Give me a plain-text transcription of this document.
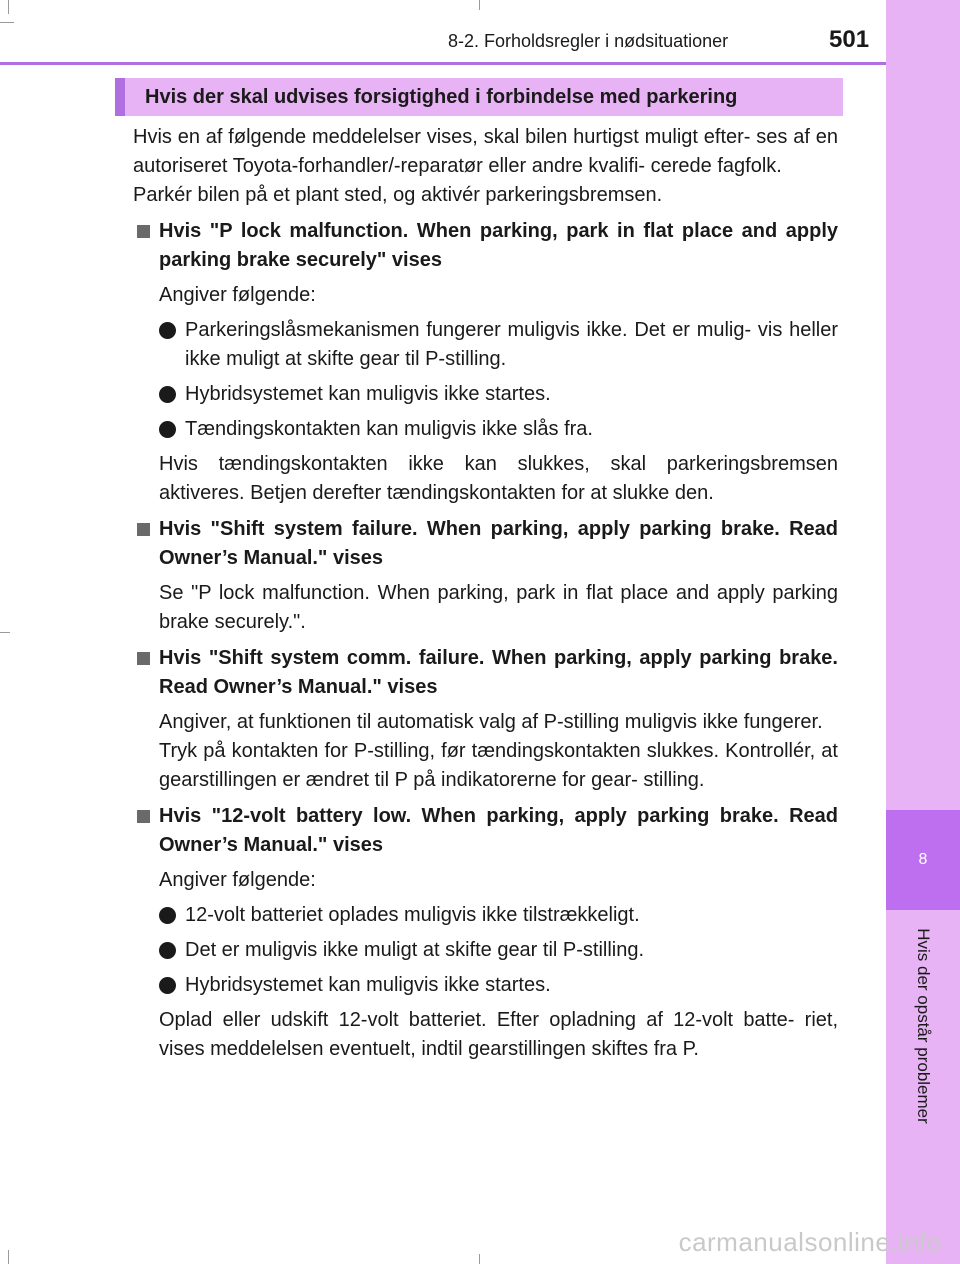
8-2. Forholdsregler i nødsituationer	501
8
Hvis der opstår problemer
Hvis der skal udvises forsigtighed i forbindelse med parkering

Hvis en af følgende meddelelser vises, skal bilen hurtigst muligt efter- ses af en autoriseret Toyota-forhandler/-reparatør eller andre kvalifi- cerede fagfolk.

Parkér bilen på et plant sted, og aktivér parkeringsbremsen.

Hvis "P lock malfunction. When parking, park in flat place and apply parking brake securely" vises

Angiver følgende:

Parkeringslåsmekanismen fungerer muligvis ikke. Det er mulig- vis heller ikke muligt at skifte gear til P-stilling.
Hybridsystemet kan muligvis ikke startes.
Tændingskontakten kan muligvis ikke slås fra.

Hvis tændingskontakten ikke kan slukkes, skal parkeringsbremsen aktiveres. Betjen derefter tændingskontakten for at slukke den.

Hvis "Shift system failure. When parking, apply parking brake. Read Owner’s Manual." vises

Se "P lock malfunction. When parking, park in flat place and apply parking brake securely.".

Hvis "Shift system comm. failure. When parking, apply parking brake. Read Owner’s Manual." vises

Angiver, at funktionen til automatisk valg af P-stilling muligvis ikke fungerer.

Tryk på kontakten for P-stilling, før tændingskontakten slukkes. Kontrollér, at gearstillingen er ændret til P på indikatorerne for gear- stilling.

Hvis "12-volt battery low. When parking, apply parking brake. Read Owner’s Manual." vises

Angiver følgende:

12-volt batteriet oplades muligvis ikke tilstrækkeligt.
Det er muligvis ikke muligt at skifte gear til P-stilling.
Hybridsystemet kan muligvis ikke startes.

Oplad eller udskift 12-volt batteriet. Efter opladning af 12-volt batte- riet, vises meddelelsen eventuelt, indtil gearstillingen skiftes fra P.

carmanualsonline.info
